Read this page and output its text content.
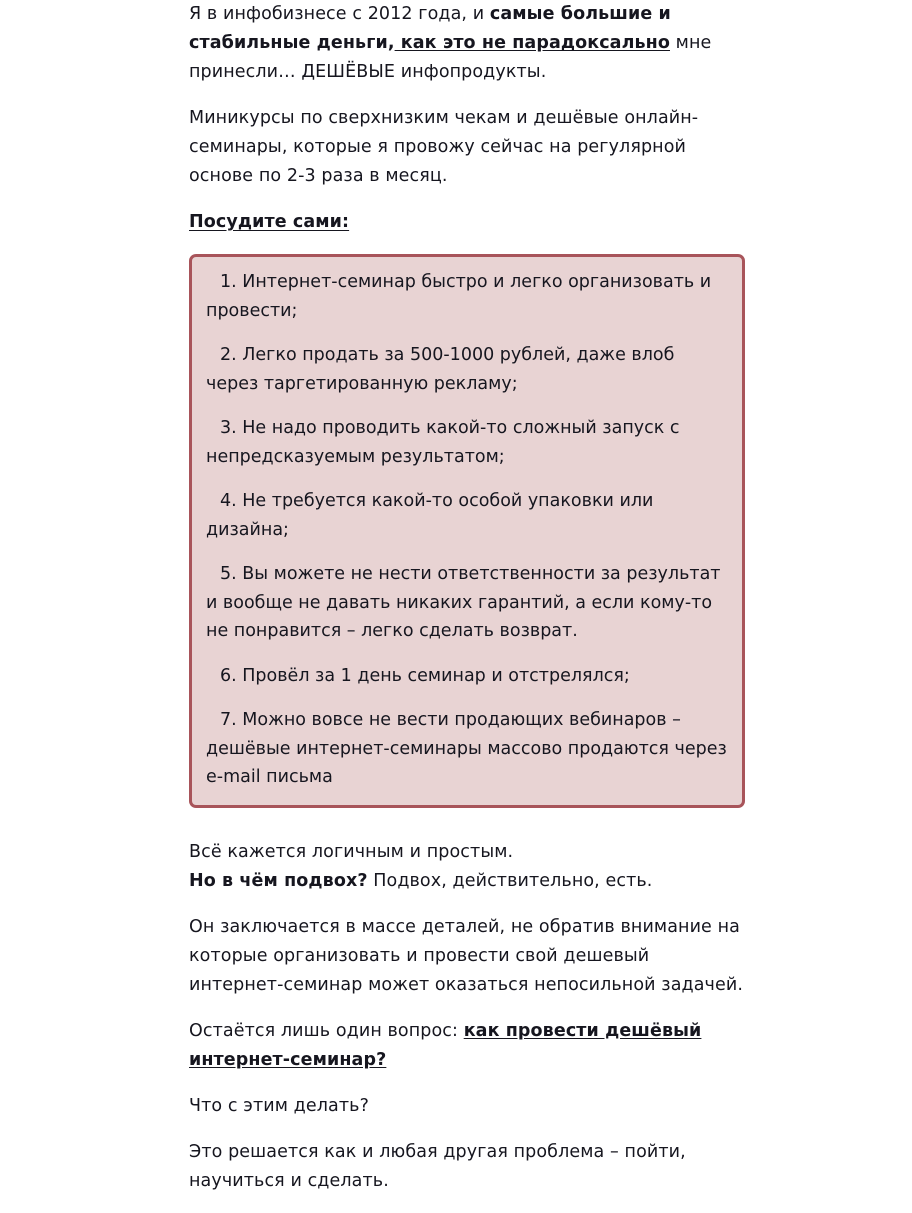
Я в инфобизнесе с 2012 года, и самые большие и стабильные деньги, как это не парадоксально мне принесли… ДЕШЁВЫЕ инфопродукты.

Миникурсы по сверхнизким чекам и дешёвые онлайн-семинары, которые я провожу сейчас на регулярной основе по 2-3 раза в месяц.

Посудите сами:

1. Интернет-семинар быстро и легко организовать и провести;

2. Легко продать за 500-1000 рублей, даже влоб через таргетированную рекламу;

3. Не надо проводить какой-то сложный запуск с непредсказуемым результатом;

4. Не требуется какой-то особой упаковки или дизайна;

5. Вы можете не нести ответственности за результат и вообще не давать никаких гарантий, а если кому-то не понравится – легко сделать возврат.

6. Провёл за 1 день семинар и отстрелялся;

7. Можно вовсе не вести продающих вебинаров – дешёвые интернет-семинары массово продаются через e-mail письма

Всё кажется логичным и простым.

Но в чём подвох? Подвох, действительно, есть.

Он заключается в массе деталей, не обратив внимание на которые организовать и провести свой дешевый интернет-семинар может оказаться непосильной задачей.

Остаётся лишь один вопрос: как провести дешёвый интернет-семинар?

Что с этим делать?

Это решается как и любая другая проблема – пойти, научиться и сделать.
